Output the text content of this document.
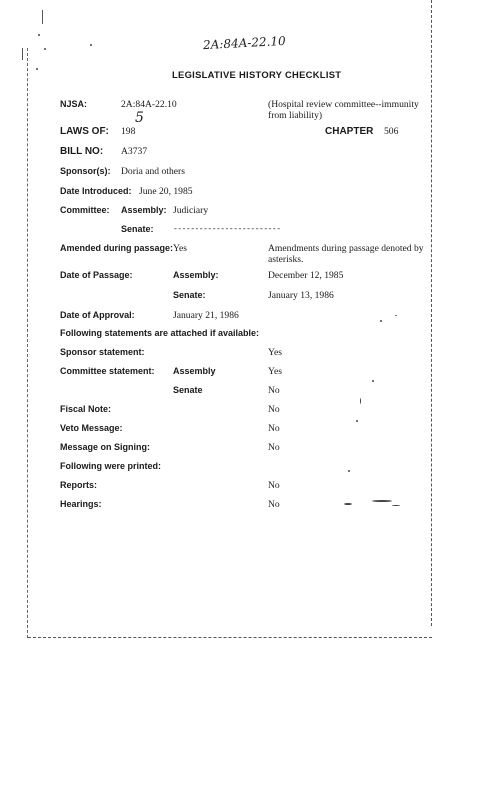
2A:84A-22.10
5
LEGISLATIVE HISTORY CHECKLIST
NJSA:	2A:84A-22.10	(Hospital review committee--immunity from liability)
LAWS OF: 198	CHAPTER 506
BILL NO: A3737
Sponsor(s): Doria and others
Date Introduced: June 20, 1985
Committee: Assembly: Judiciary
Senate: -------------------------
Amended during passage: Yes	Amendments during passage denoted by asterisks.
Date of Passage:	Assembly:	December 12, 1985
Senate:	January 13, 1986
Date of Approval:	January 21, 1986
Following statements are attached if available:
Sponsor statement:	Yes
Committee statement: Assembly	Yes
Senate	No
Fiscal Note:	No
Veto Message:	No
Message on Signing:	No
Following were printed:
Reports:	No
Hearings:	No
